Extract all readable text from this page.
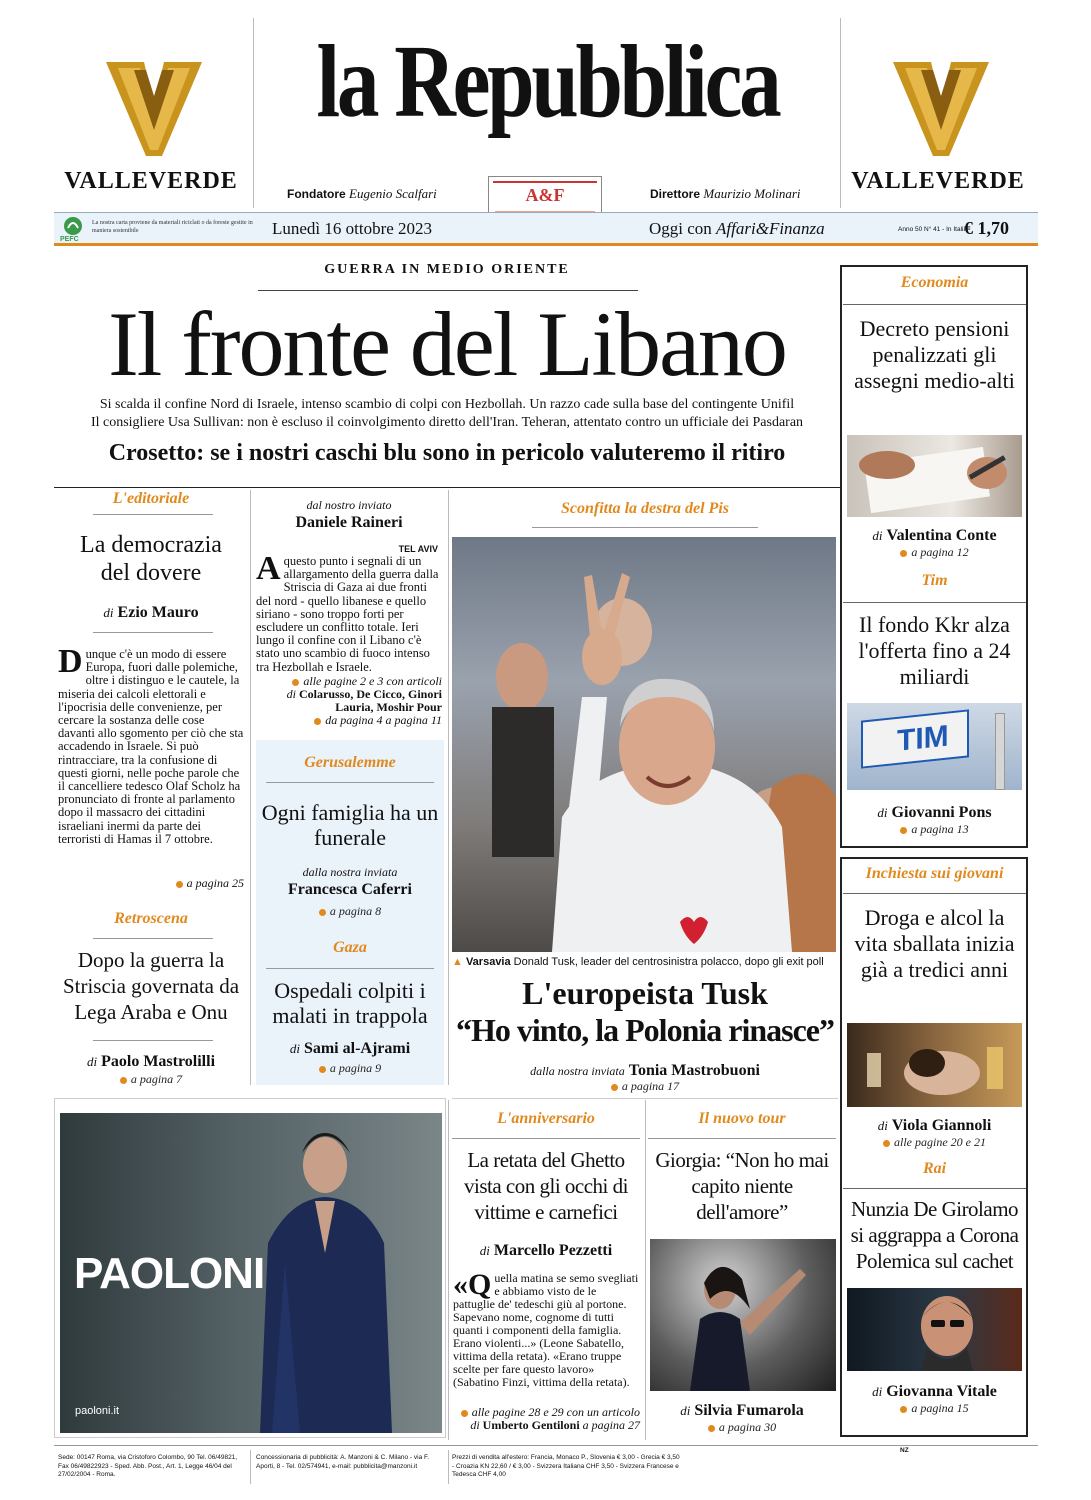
VALLEVERDE	VALLEVERDE
la Repubblica
Fondatore Eugenio Scalfari	Direttore Maurizio Molinari
A&F
PEFC
La nostra carta proviene da materiali riciclati o da foreste gestite in maniera sostenibile	Lunedì 16 ottobre 2023	Oggi con Affari&Finanza	Anno 50 N° 41 - In Italia
€ 1,70
GUERRA IN MEDIO ORIENTE
Il fronte del Libano
Si scalda il confine Nord di Israele, intenso scambio di colpi con Hezbollah. Un razzo cade sulla base del contingente Unifil
Il consigliere Usa Sullivan: non è escluso il coinvolgimento diretto dell'Iran. Teheran, attentato contro un ufficiale dei Pasdaran
Crosetto: se i nostri caschi blu sono in pericolo valuteremo il ritiro
L'editoriale
La democrazia del dovere
di Ezio Mauro
Dunque c'è un modo di essere Europa, fuori dalle polemiche, oltre i distinguo e le cautele, la miseria dei calcoli elettorali e l'ipocrisia delle convenienze, per cercare la sostanza delle cose davanti allo sgomento per ciò che sta accadendo in Israele. Si può rintracciare, tra la confusione di questi giorni, nelle poche parole che il cancelliere tedesco Olaf Scholz ha pronunciato di fronte al parlamento dopo il massacro dei cittadini israeliani inermi da parte dei terroristi di Hamas il 7 ottobre.
a pagina 25
Retroscena
Dopo la guerra la Striscia governata da Lega Araba e Onu
di Paolo Mastrolilli
a pagina 7
dal nostro inviato
Daniele Raineri
TEL AVIV
Aquesto punto i segnali di un allargamento della guerra dalla Striscia di Gaza ai due fronti del nord - quello libanese e quello siriano - sono troppo forti per escludere un conflitto totale. Ieri lungo il confine con il Libano c'è stato uno scambio di fuoco intenso tra Hezbollah e Israele.
alle pagine 2 e 3 con articoli
di Colarusso, De Cicco, Ginori Lauria, Moshir Pour
da pagina 4 a pagina 11
Gerusalemme
Ogni famiglia ha un funerale
dalla nostra inviata
Francesca Caferri
a pagina 8
Gaza
Ospedali colpiti i malati in trappola
di Sami al-Ajrami
a pagina 9
Sconfitta la destra del Pis
▲ Varsavia Donald Tusk, leader del centrosinistra polacco, dopo gli exit poll
L'europeista Tusk
“Ho vinto, la Polonia rinasce”
dalla nostra inviata Tonia Mastrobuoni
a pagina 17
Economia
Decreto pensioni penalizzati gli assegni medio-alti
di Valentina Conte
a pagina 12
Tim
Il fondo Kkr alza l'offerta fino a 24 miliardi
TIM
di Giovanni Pons
a pagina 13
Inchiesta sui giovani
Droga e alcol la vita sballata inizia già a tredici anni
di Viola Giannoli
alle pagine 20 e 21
Rai
Nunzia De Girolamo si aggrappa a Corona Polemica sul cachet
di Giovanna Vitale
a pagina 15
PAOLONI
paoloni.it
L'anniversario
La retata del Ghetto vista con gli occhi di vittime e carnefici
di Marcello Pezzetti
«Quella matina se semo svegliati e abbiamo visto de le pattuglie de' tedeschi giù al portone. Sapevano nome, cognome di tutti quanti i componenti della famiglia. Erano violenti...» (Leone Sabatello, vittima della retata). «Erano truppe scelte per fare questo lavoro» (Sabatino Finzi, vittima della retata).
alle pagine 28 e 29 con un articolo
di Umberto Gentiloni a pagina 27
Il nuovo tour
Giorgia: “Non ho mai capito niente dell'amore”
di Silvia Fumarola
a pagina 30
Sede: 00147 Roma, via Cristoforo Colombo, 90 Tel. 06/49821, Fax 06/49822923 - Sped. Abb. Post., Art. 1, Legge 46/04 del 27/02/2004 - Roma.
Concessionaria di pubblicità: A. Manzoni & C. Milano - via F. Aporti, 8 - Tel. 02/574941, e-mail: pubblicita@manzoni.it
Prezzi di vendita all'estero: Francia, Monaco P., Slovenia € 3,00 - Grecia € 3,50 - Croazia KN 22,60 / € 3,00 - Svizzera Italiana CHF 3,50 - Svizzera Francese e Tedesca CHF 4,00
NZ
